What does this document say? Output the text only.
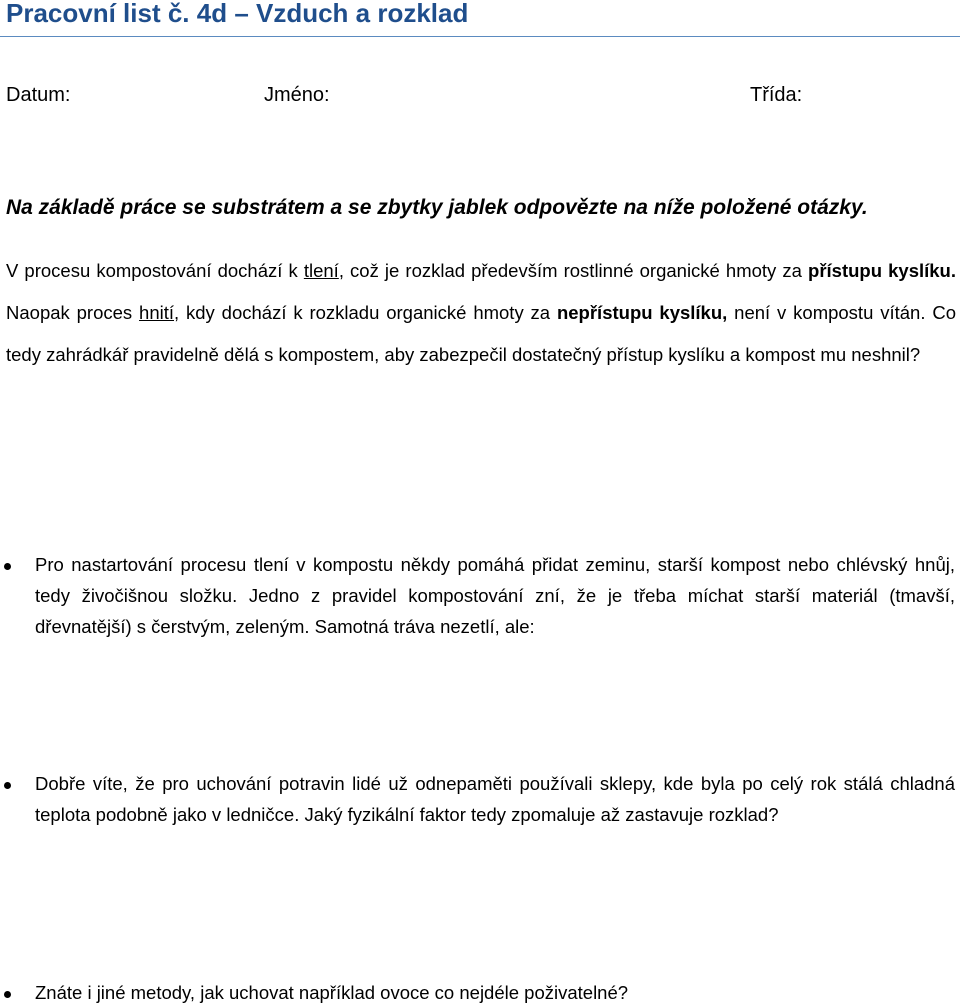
Pracovní list č. 4d – Vzduch a rozklad
Datum:	Jméno:	Třída:

Na základě práce se substrátem a se zbytky jablek odpovězte na níže položené otázky.

V procesu kompostování dochází k tlení, což je rozklad především rostlinné organické hmoty za přístupu kyslíku. Naopak proces hnití, kdy dochází k rozkladu organické hmoty za nepřístupu kyslíku, není v kompostu vítán. Co tedy zahrádkář pravidelně dělá s kompostem, aby zabezpečil dostatečný přístup kyslíku a kompost mu neshnil?

Pro nastartování procesu tlení v kompostu někdy pomáhá přidat zeminu, starší kompost nebo chlévský hnůj, tedy živočišnou složku. Jedno z pravidel kompostování zní, že je třeba míchat starší materiál (tmavší, dřevnatější) s čerstvým, zeleným. Samotná tráva nezetlí, ale:

Dobře víte, že pro uchování potravin lidé už odnepaměti používali sklepy, kde byla po celý rok stálá chladná teplota podobně jako v ledničce. Jaký fyzikální faktor tedy zpomaluje až zastavuje rozklad?

Znáte i jiné metody, jak uchovat například ovoce co nejdéle poživatelné?
